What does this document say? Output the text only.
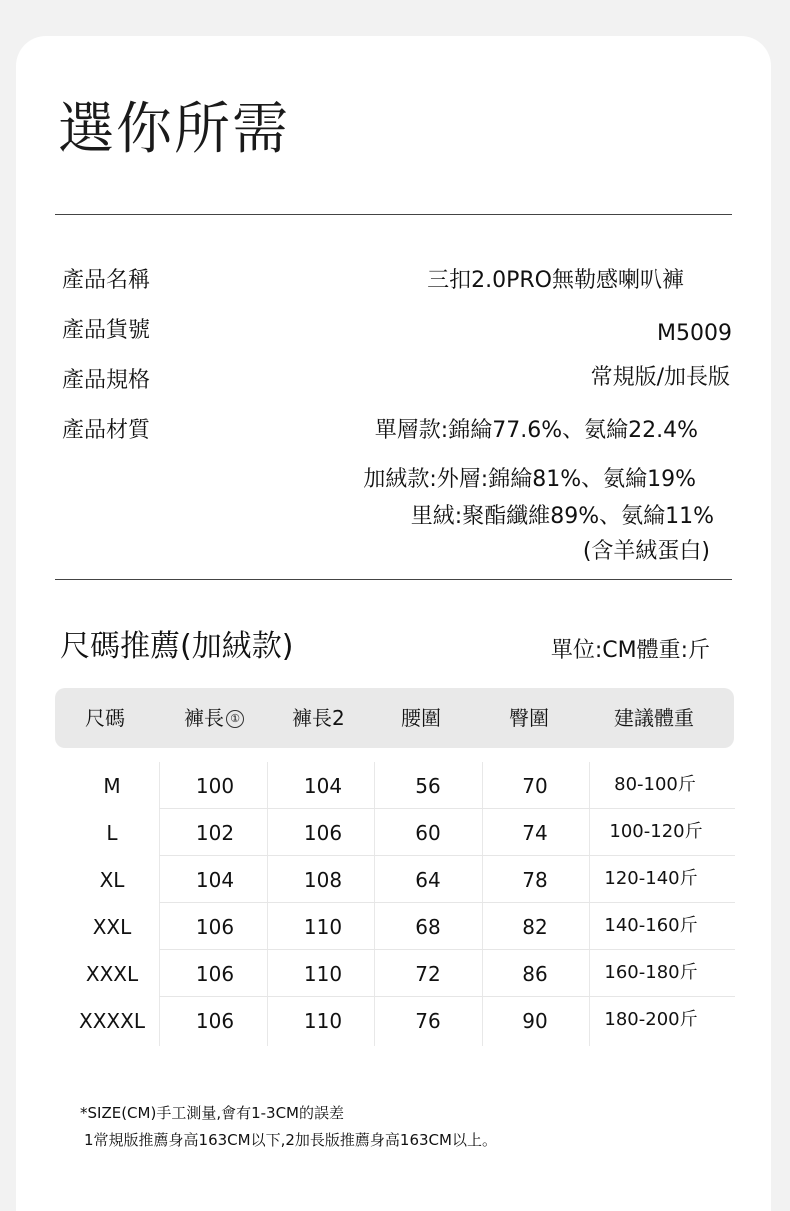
選你所需
產品名稱	三扣2.0PRO無勒感喇叭褲
產品貨號	M5009
產品規格	常規版/加長版
產品材質	單層款:錦綸77.6%、氨綸22.4%
加絨款:外層:錦綸81%、氨綸19%
里絨:聚酯纖維89%、氨綸11%
(含羊絨蛋白)
尺碼推薦(加絨款)	單位:CM體重:斤
尺碼	褲長 ①	褲長2	腰圍	臀圍	建議體重
M	100	104	56	70	80-100斤
L	102	106	60	74	100-120斤
XL	104	108	64	78	120-140斤
XXL	106	110	68	82	140-160斤
XXXL	106	110	72	86	160-180斤
XXXXL	106	110	76	90	180-200斤
*SIZE(CM)手工測量,會有1-3CM的誤差
1常規版推薦身高163CM以下,2加長版推薦身高163CM以上。
